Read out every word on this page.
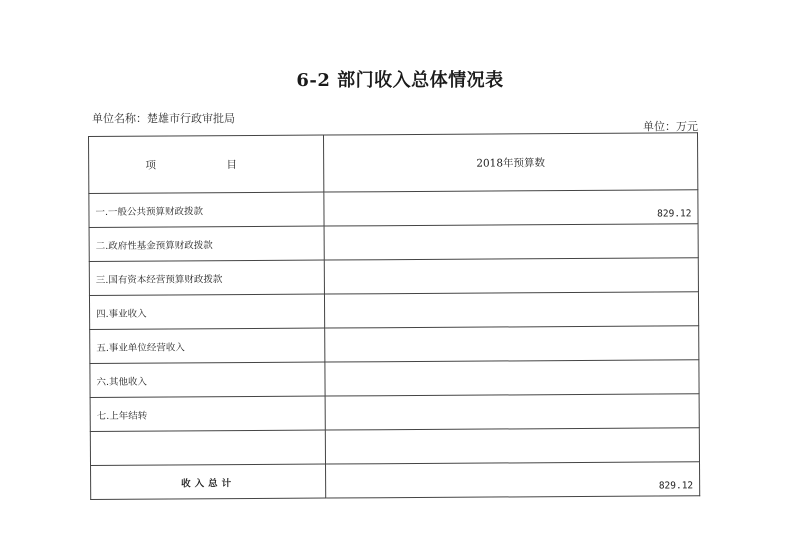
6-2 部门收入总体情况表
单位名称：楚雄市行政审批局
单位：万元
项　目	2018年预算数
一.一般公共预算财政拨款	829.12
二.政府性基金预算财政拨款	
三.国有资本经营预算财政拨款	
四.事业收入	
五.事业单位经营收入	
六.其他收入	
七.上年结转	

收入总计	829.12
